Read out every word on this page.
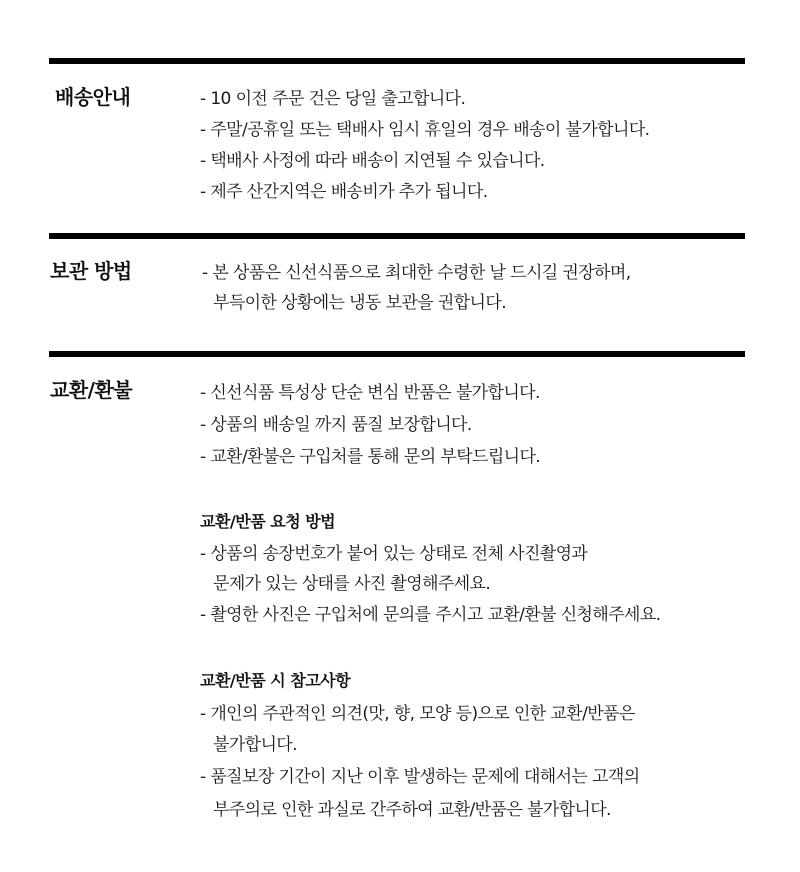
배송안내	- 10 이전 주문 건은 당일 출고합니다.
- 주말/공휴일 또는 택배사 임시 휴일의 경우 배송이 불가합니다.
- 택배사 사정에 따라 배송이 지연될 수 있습니다.
- 제주 산간지역은 배송비가 추가 됩니다.
보관 방법	- 본 상품은 신선식품으로 최대한 수령한 날 드시길 권장하며,
부득이한 상황에는 냉동 보관을 권합니다.
교환/환불	- 신선식품 특성상 단순 변심 반품은 불가합니다.
- 상품의 배송일 까지 품질 보장합니다.
- 교환/환불은 구입처를 통해 문의 부탁드립니다.
교환/반품 요청 방법
- 상품의 송장번호가 붙어 있는 상태로 전체 사진촬영과
문제가 있는 상태를 사진 촬영해주세요.
- 촬영한 사진은 구입처에 문의를 주시고 교환/환불 신청해주세요.
교환/반품 시 참고사항
- 개인의 주관적인 의견(맛, 향, 모양 등)으로 인한 교환/반품은
불가합니다.
- 품질보장 기간이 지난 이후 발생하는 문제에 대해서는 고객의
부주의로 인한 과실로 간주하여 교환/반품은 불가합니다.
